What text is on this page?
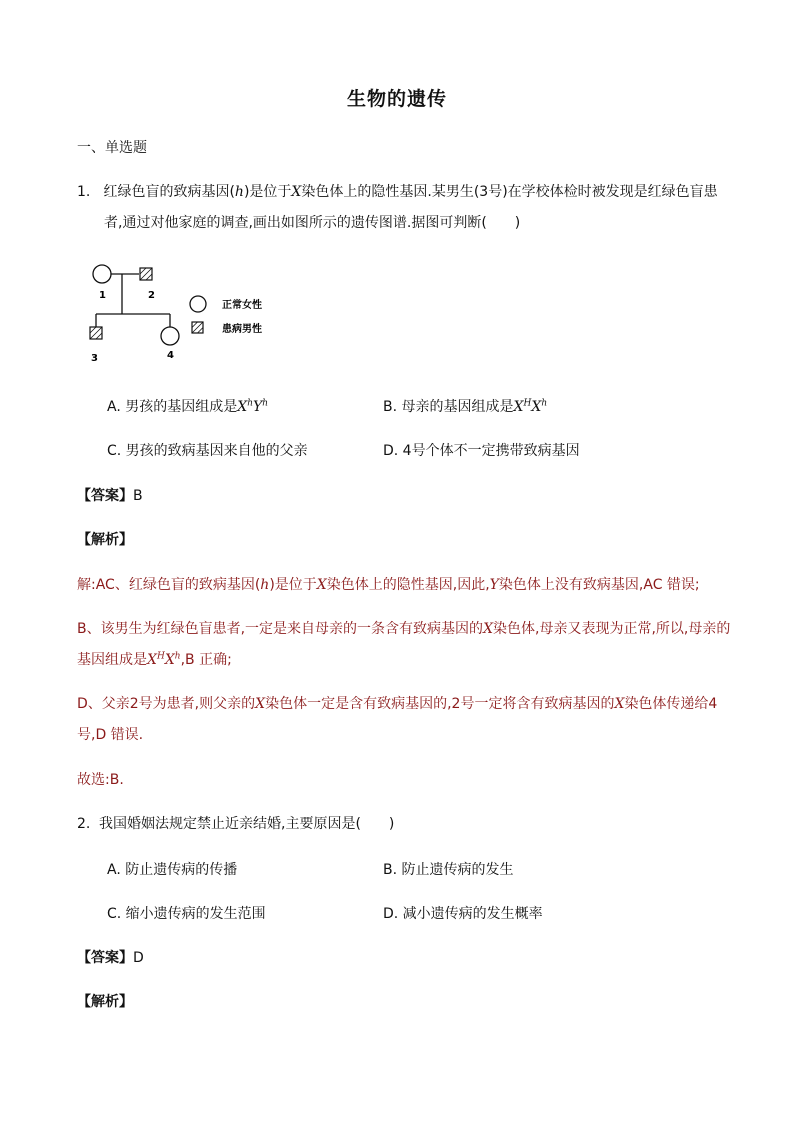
生物的遗传
一、单选题
1. 红绿色盲的致病基因(h)是位于X染色体上的隐性基因.某男生(3号)在学校体检时被发现是红绿色盲患
者,通过对他家庭的调查,画出如图所示的遗传图谱.据图可判断(　　)
1	2
3	4
正常女性
患病男性
A. 男孩的基因组成是$X^hY^h$	B. 母亲的基因组成是$X^HX^h$
C. 男孩的致病基因来自他的父亲	D. 4号个体不一定携带致病基因
【答案】B
【解析】
解:AC、红绿色盲的致病基因(h)是位于X染色体上的隐性基因,因此,Y染色体上没有致病基因,AC 错误;
B、该男生为红绿色盲患者,一定是来自母亲的一条含有致病基因的X染色体,母亲又表现为正常,所以,母亲的
基因组成是$X^HX^h,B$ 正确;
D、父亲2号为患者,则父亲的X染色体一定是含有致病基因的,2号一定将含有致病基因的X染色体传递给4
号,D 错误.
故选:B.
2. 我国婚姻法规定禁止近亲结婚,主要原因是(　　)
A. 防止遗传病的传播	B. 防止遗传病的发生
C. 缩小遗传病的发生范围	D. 减小遗传病的发生概率
【答案】D
【解析】
